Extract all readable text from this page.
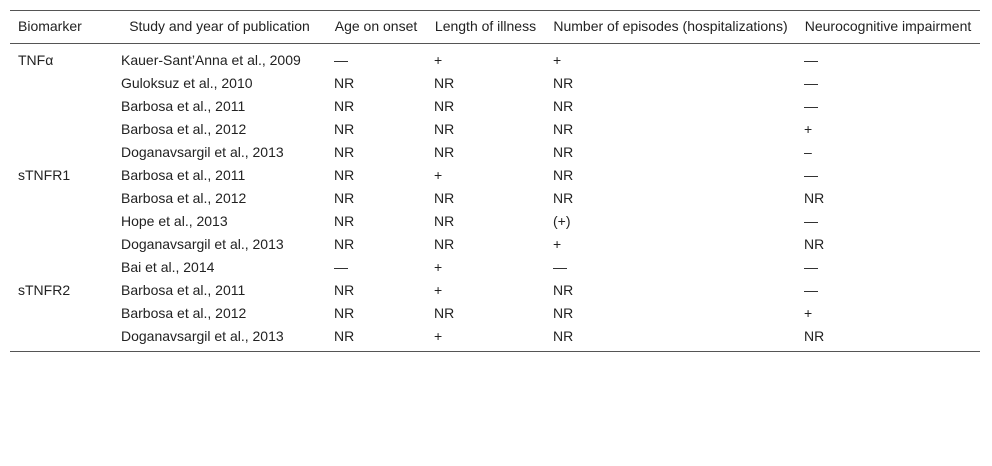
Biomarker	Study and year of publication	Age on onset	Length of illness	Number of episodes (hospitalizations)	Neurocognitive impairment
TNFα	Kauer-Sant’Anna et al., 2009	—	+	+	—
	Guloksuz et al., 2010	NR	NR	NR	—
	Barbosa et al., 2011	NR	NR	NR	—
	Barbosa et al., 2012	NR	NR	NR	+
	Doganavsargil et al., 2013	NR	NR	NR	–
sTNFR1	Barbosa et al., 2011	NR	+	NR	—
	Barbosa et al., 2012	NR	NR	NR	NR
	Hope et al., 2013	NR	NR	(+)	—
	Doganavsargil et al., 2013	NR	NR	+	NR
	Bai et al., 2014	—	+	—	—
sTNFR2	Barbosa et al., 2011	NR	+	NR	—
	Barbosa et al., 2012	NR	NR	NR	+
	Doganavsargil et al., 2013	NR	+	NR	NR
